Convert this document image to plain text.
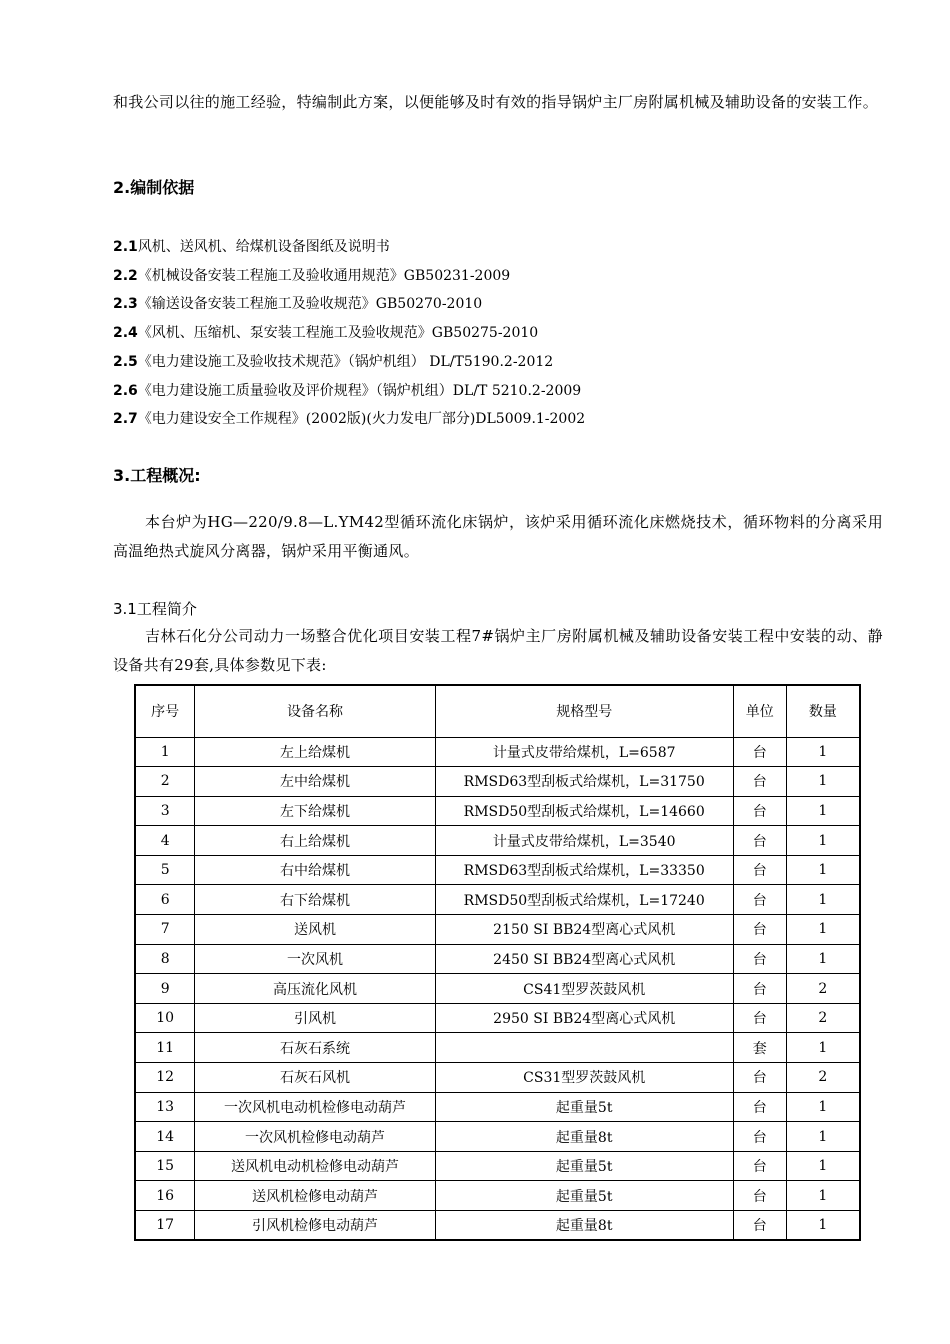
和我公司以往的施工经验，特编制此方案，以便能够及时有效的指导锅炉主厂房附属机械及辅助设备的安装工作。
2.编制依据
2.1风机、送风机、给煤机设备图纸及说明书
2.2《机械设备安装工程施工及验收通用规范》GB50231-2009
2.3《输送设备安装工程施工及验收规范》GB50270-2010
2.4《风机、压缩机、泵安装工程施工及验收规范》GB50275-2010
2.5《电力建设施工及验收技术规范》（锅炉机组） DL/T5190.2-2012
2.6《电力建设施工质量验收及评价规程》（锅炉机组）DL/T 5210.2-2009
2.7《电力建设安全工作规程》(2002版)(火力发电厂部分)DL5009.1-2002
3.工程概况:
本台炉为HG—220/9.8—L.YM42型循环流化床锅炉，该炉采用循环流化床燃烧技术，循环物料的分离采用高温绝热式旋风分离器，锅炉采用平衡通风。
3.1工程简介
吉林石化分公司动力一场整合优化项目安装工程7#锅炉主厂房附属机械及辅助设备安装工程中安装的动、静设备共有29套,具体参数见下表:
序号	设备名称	规格型号	单位	数量
1	左上给煤机	计量式皮带给煤机，L=6587	台	1
2	左中给煤机	RMSD63型刮板式给煤机，L=31750	台	1
3	左下给煤机	RMSD50型刮板式给煤机，L=14660	台	1
4	右上给煤机	计量式皮带给煤机，L=3540	台	1
5	右中给煤机	RMSD63型刮板式给煤机，L=33350	台	1
6	右下给煤机	RMSD50型刮板式给煤机，L=17240	台	1
7	送风机	2150 SI BB24型离心式风机	台	1
8	一次风机	2450 SI BB24型离心式风机	台	1
9	高压流化风机	CS41型罗茨鼓风机	台	2
10	引风机	2950 SI BB24型离心式风机	台	2
11	石灰石系统		套	1
12	石灰石风机	CS31型罗茨鼓风机	台	2
13	一次风机电动机检修电动葫芦	起重量5t	台	1
14	一次风机检修电动葫芦	起重量8t	台	1
15	送风机电动机检修电动葫芦	起重量5t	台	1
16	送风机检修电动葫芦	起重量5t	台	1
17	引风机检修电动葫芦	起重量8t	台	1
